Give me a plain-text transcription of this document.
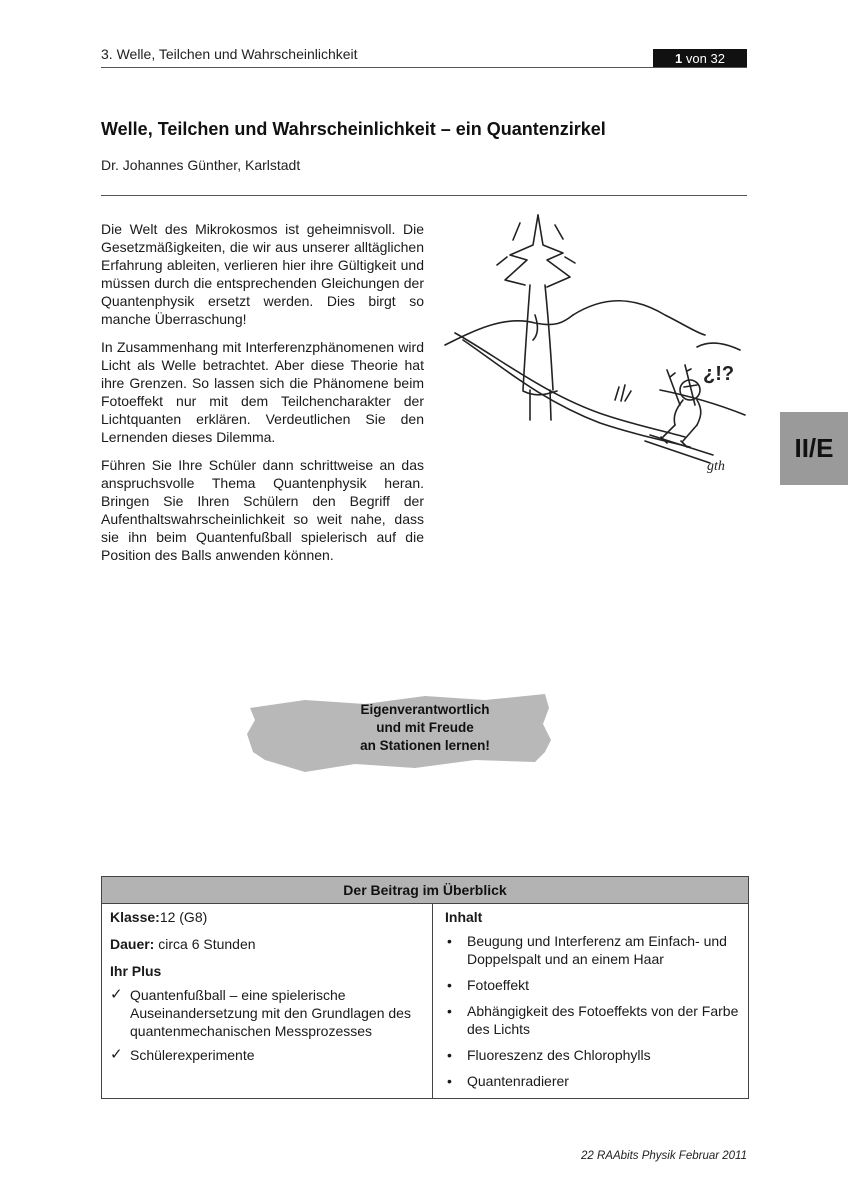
3. Welle, Teilchen und Wahrscheinlichkeit	1 von 32
Welle, Teilchen und Wahrscheinlichkeit – ein Quantenzirkel
Dr. Johannes Günther, Karlstadt

Die Welt des Mikrokosmos ist geheimnisvoll. Die Gesetzmäßigkeiten, die wir aus unserer alltäglichen Erfahrung ableiten, verlieren hier ihre Gültigkeit und müssen durch die entsprechenden Gleichungen der Quantenphysik ersetzt werden. Dies birgt so manche Überraschung!

In Zusammenhang mit Interferenzphänomenen wird Licht als Welle betrachtet. Aber diese Theorie hat ihre Grenzen. So lassen sich die Phänomene beim Fotoeffekt nur mit dem Teilchencharakter der Lichtquanten erklären. Verdeutlichen Sie den Lernenden dieses Dilemma.

Führen Sie Ihre Schüler dann schrittweise an das anspruchsvolle Thema Quantenphysik heran. Bringen Sie Ihren Schülern den Begriff der Aufenthaltswahrscheinlichkeit so weit nahe, dass sie ihn beim Quantenfußball spielerisch auf die Position des Balls anwenden können.

¿!?
gth
II/E
Eigenverantwortlich
und mit Freude
an Stationen lernen!
Der Beitrag im Überblick
Klasse:12 (G8)
Dauer: circa 6 Stunden
Ihr Plus
✓ Quantenfußball – eine spielerische Auseinandersetzung mit den Grundlagen des quantenmechanischen Messprozesses
✓ Schülerexperimente
Inhalt
•	Beugung und Interferenz am Einfach- und Doppelspalt und an einem Haar
•	Fotoeffekt
•	Abhängigkeit des Fotoeffekts von der Farbe des Lichts
•	Fluoreszenz des Chlorophylls
•	Quantenradierer
22 RAAbits Physik Februar 2011
